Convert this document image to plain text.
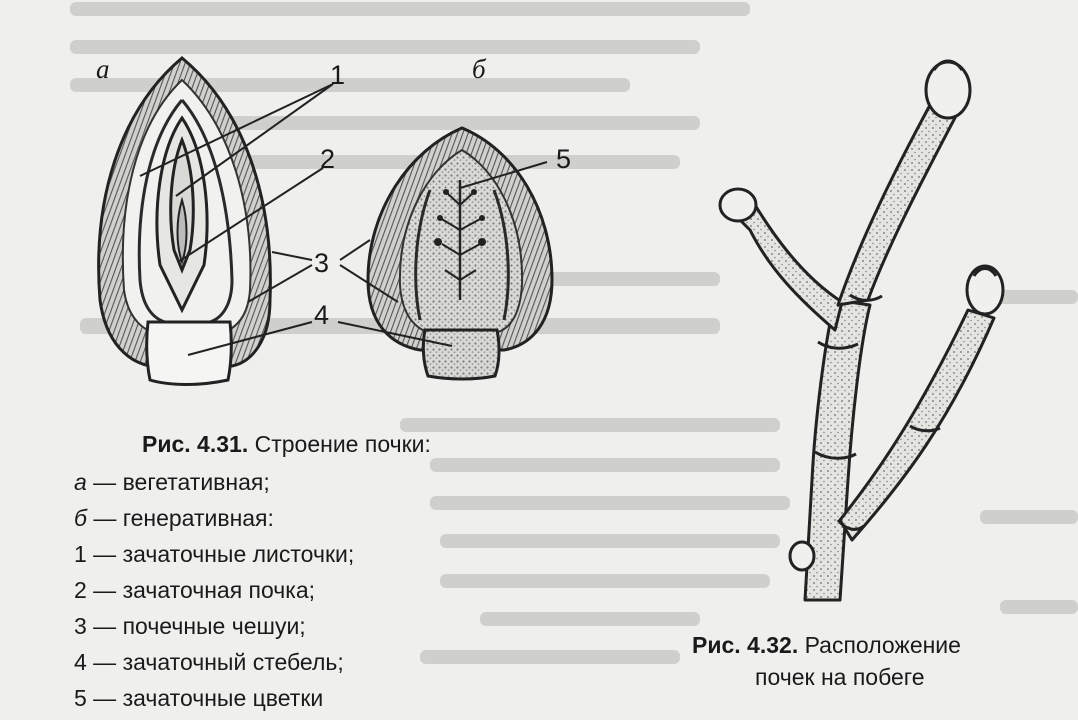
а	б
1
2
3
4
5
Рис. 4.31. Строение почки:
а — вегетативная;
б — генеративная:
1 — зачаточные листочки;
2 — зачаточная почка;
3 — почечные чешуи;
4 — зачаточный стебель;
5 — зачаточные цветки
Рис. 4.32. Расположение
почек на побеге
